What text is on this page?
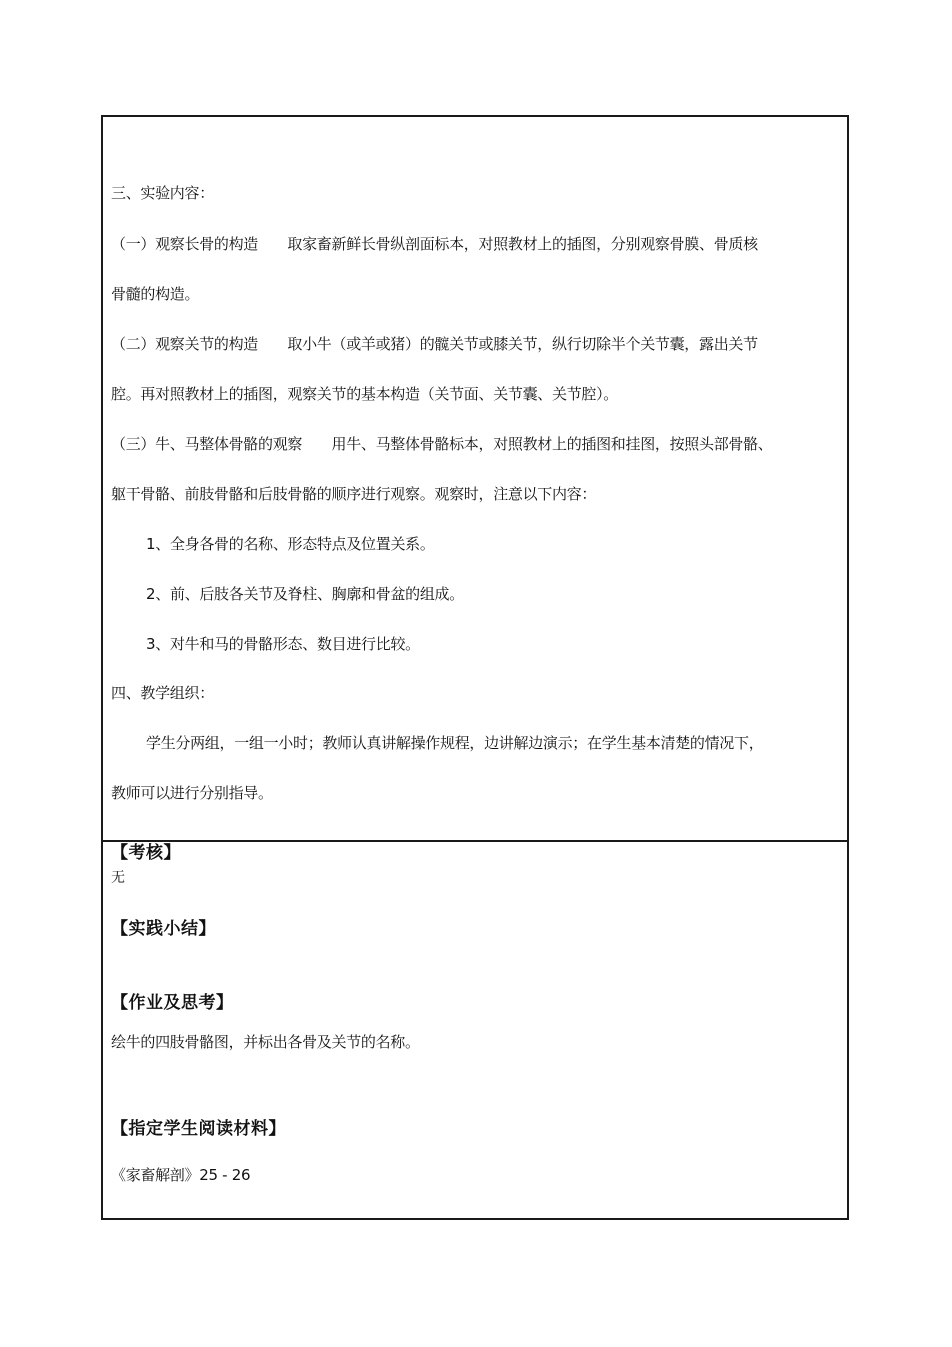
三、实验内容：
（一）观察长骨的构造　　取家畜新鲜长骨纵剖面标本，对照教材上的插图，分别观察骨膜、骨质核
骨髓的构造。
（二）观察关节的构造　　取小牛（或羊或猪）的髋关节或膝关节，纵行切除半个关节囊，露出关节
腔。再对照教材上的插图，观察关节的基本构造（关节面、关节囊、关节腔）。
（三）牛、马整体骨骼的观察　　用牛、马整体骨骼标本，对照教材上的插图和挂图，按照头部骨骼、
躯干骨骼、前肢骨骼和后肢骨骼的顺序进行观察。观察时，注意以下内容：
1、全身各骨的名称、形态特点及位置关系。
2、前、后肢各关节及脊柱、胸廓和骨盆的组成。
3、对牛和马的骨骼形态、数目进行比较。
四、教学组织：
学生分两组，一组一小时；教师认真讲解操作规程，边讲解边演示；在学生基本清楚的情况下，
教师可以进行分别指导。
【考核】
无
【实践小结】
【作业及思考】
绘牛的四肢骨骼图，并标出各骨及关节的名称。
【指定学生阅读材料】
《家畜解剖》25 - 26
